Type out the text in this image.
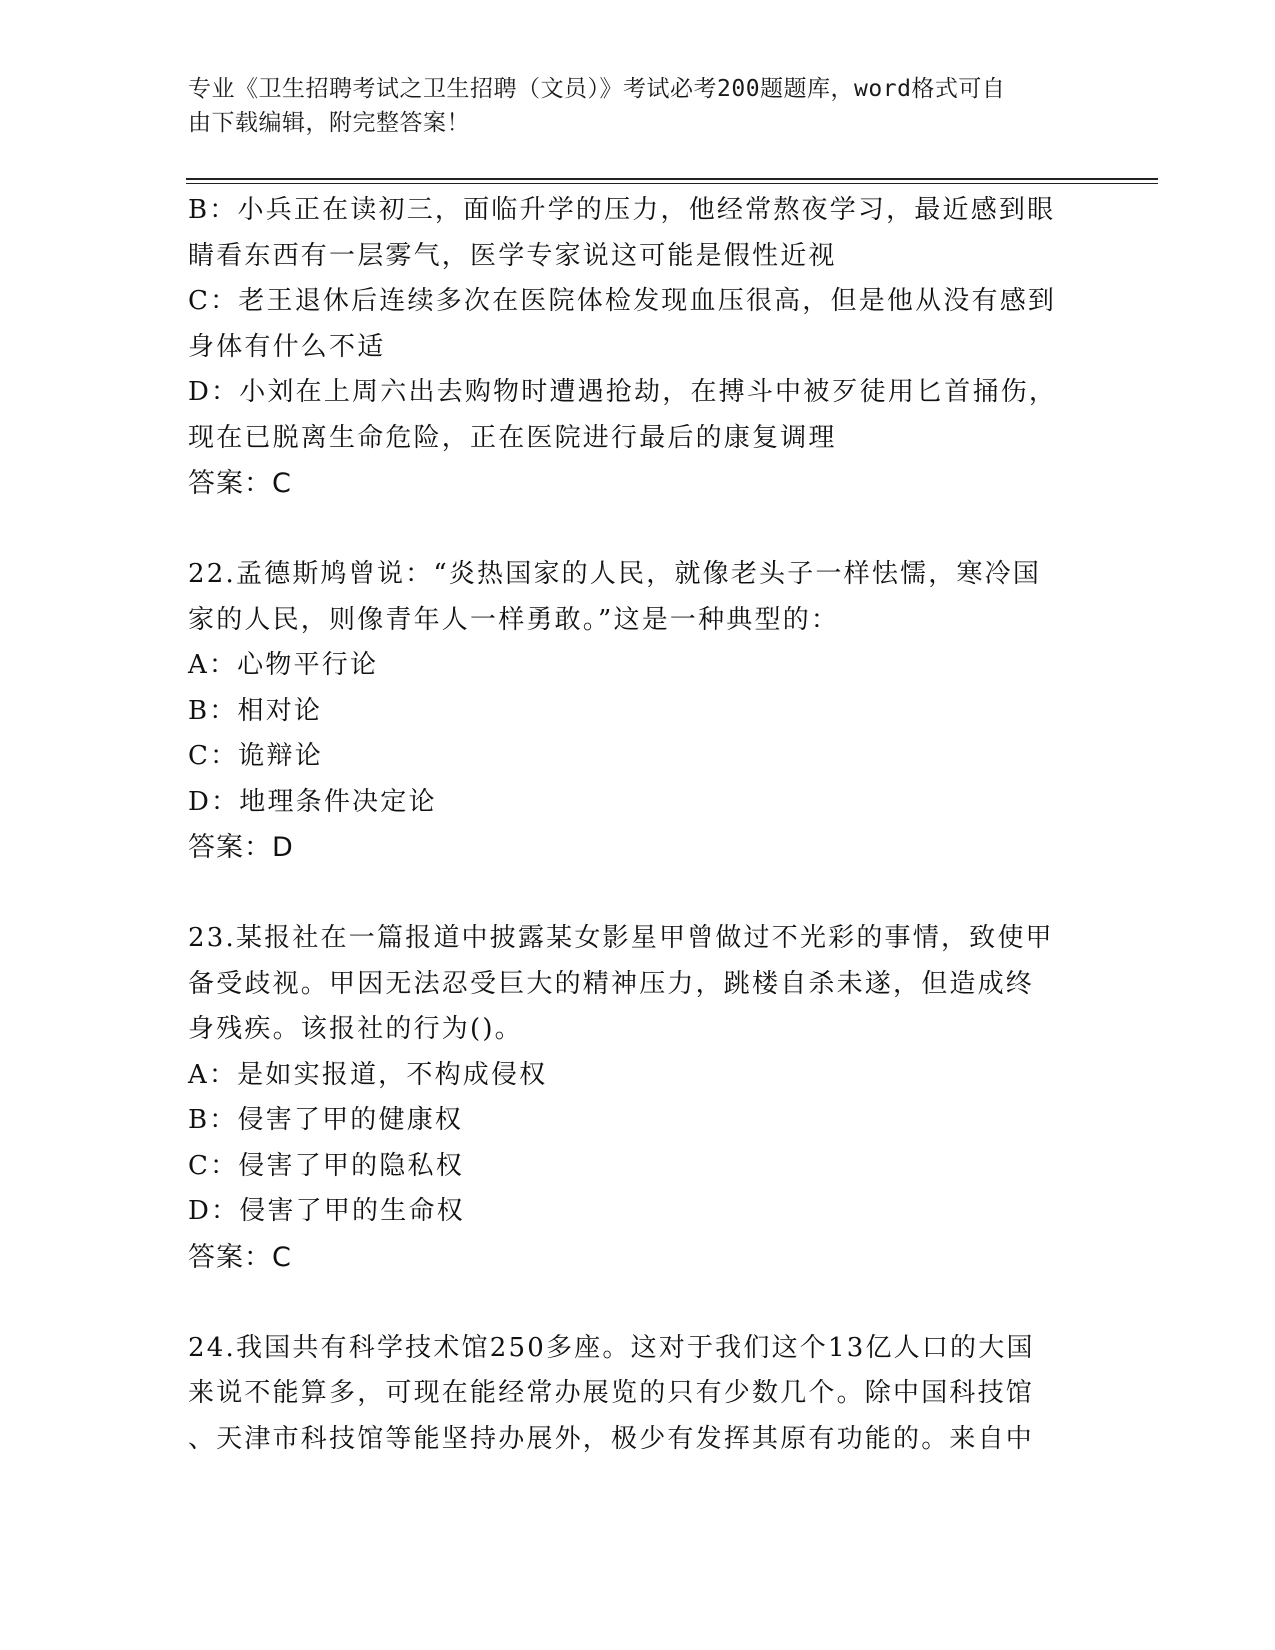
专业《卫生招聘考试之卫生招聘（文员）》考试必考200题题库，word格式可自
由下载编辑，附完整答案！
B：小兵正在读初三，面临升学的压力，他经常熬夜学习，最近感到眼
睛看东西有一层雾气，医学专家说这可能是假性近视
C：老王退休后连续多次在医院体检发现血压很高，但是他从没有感到
身体有什么不适
D：小刘在上周六出去购物时遭遇抢劫，在搏斗中被歹徒用匕首捅伤，
现在已脱离生命危险，正在医院进行最后的康复调理
答案：C
22.孟德斯鸠曾说：“炎热国家的人民，就像老头子一样怯懦，寒冷国
家的人民，则像青年人一样勇敢。”这是一种典型的：
A：心物平行论
B：相对论
C：诡辩论
D：地理条件决定论
答案：D
23.某报社在一篇报道中披露某女影星甲曾做过不光彩的事情，致使甲
备受歧视。甲因无法忍受巨大的精神压力，跳楼自杀未遂，但造成终
身残疾。该报社的行为()。
A：是如实报道，不构成侵权
B：侵害了甲的健康权
C：侵害了甲的隐私权
D：侵害了甲的生命权
答案：C
24.我国共有科学技术馆250多座。这对于我们这个13亿人口的大国
来说不能算多，可现在能经常办展览的只有少数几个。除中国科技馆
、天津市科技馆等能坚持办展外，极少有发挥其原有功能的。来自中
